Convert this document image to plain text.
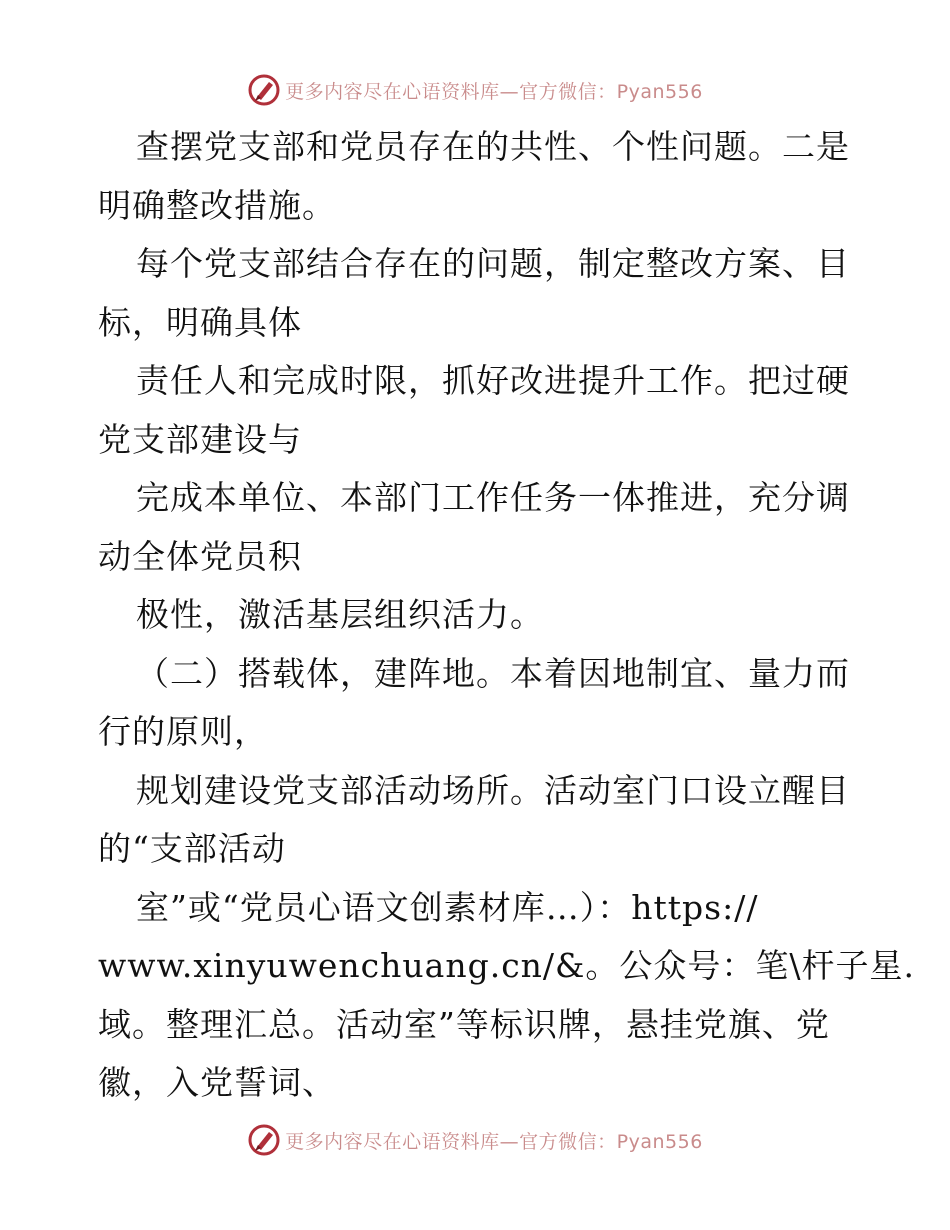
更多内容尽在心语资料库—官方微信：Pyan556
查摆党支部和党员存在的共性、个性问题。二是
明确整改措施。
每个党支部结合存在的问题，制定整改方案、目
标，明确具体
责任人和完成时限，抓好改进提升工作。把过硬
党支部建设与
完成本单位、本部门工作任务一体推进，充分调
动全体党员积
极性，激活基层组织活力。
（二）搭载体，建阵地。本着因地制宜、量力而
行的原则，
规划建设党支部活动场所。活动室门口设立醒目
的“支部活动
室”或“党员心语文创素材库…）：https://
www.xinyuwenchuang.cn/&。公众号：笔\杆子星.
域。整理汇总。活动室”等标识牌，悬挂党旗、党
徽，入党誓词、
更多内容尽在心语资料库—官方微信：Pyan556
